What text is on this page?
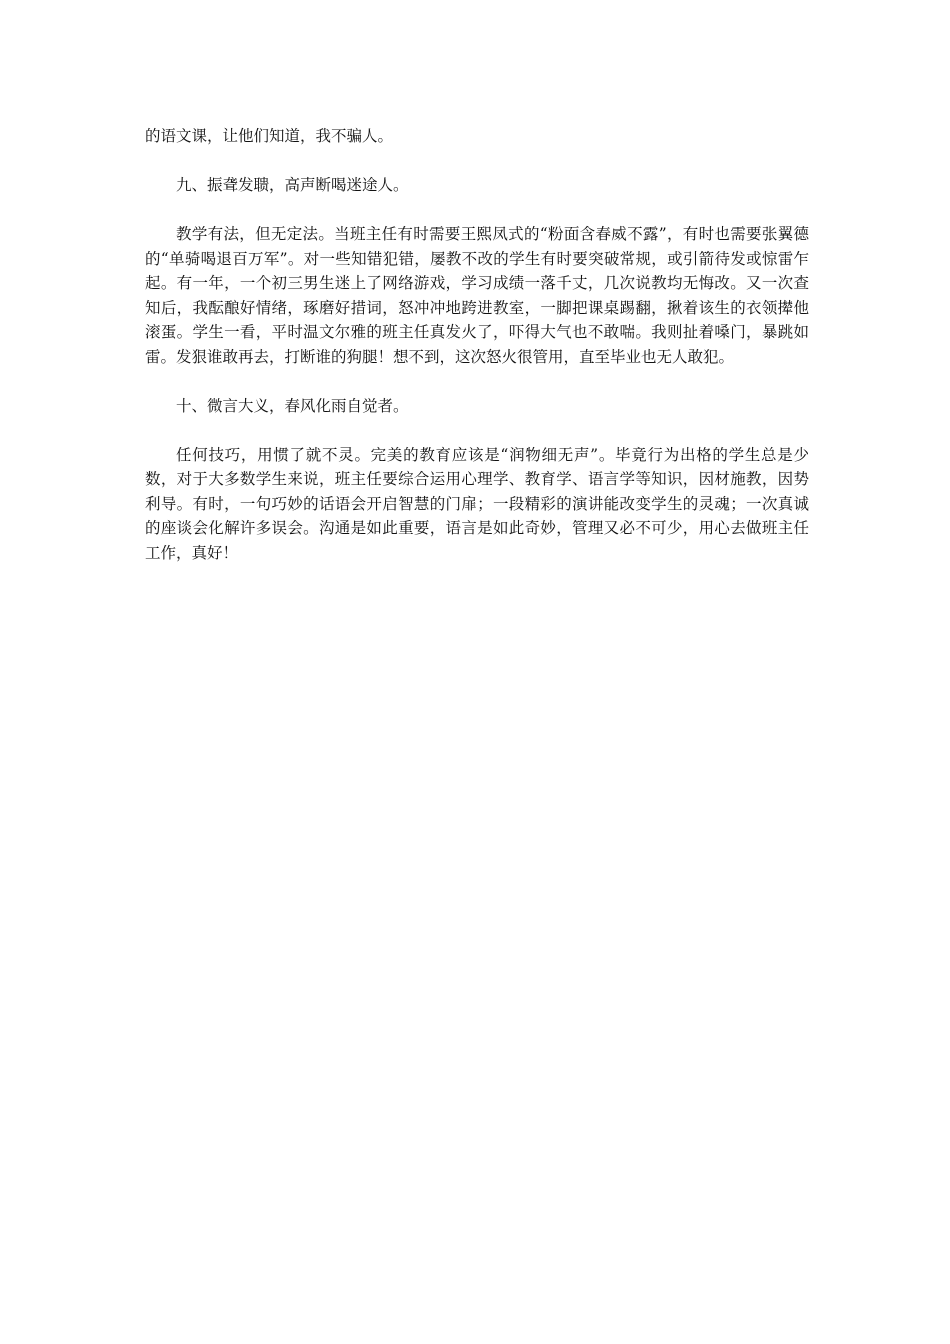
的语文课，让他们知道，我不骗人。

九、振聋发聩，高声断喝迷途人。

教学有法，但无定法。当班主任有时需要王熙凤式的“粉面含春威不露”，有时也需要张翼德的“单骑喝退百万军”。对一些知错犯错，屡教不改的学生有时要突破常规，或引箭待发或惊雷乍起。有一年，一个初三男生迷上了网络游戏，学习成绩一落千丈，几次说教均无悔改。又一次查知后，我酝酿好情绪，琢磨好措词，怒冲冲地跨进教室，一脚把课桌踢翻，揪着该生的衣领撵他滚蛋。学生一看，平时温文尔雅的班主任真发火了，吓得大气也不敢喘。我则扯着嗓门，暴跳如雷。发狠谁敢再去，打断谁的狗腿！想不到，这次怒火很管用，直至毕业也无人敢犯。

十、微言大义，春风化雨自觉者。

任何技巧，用惯了就不灵。完美的教育应该是“润物细无声”。毕竟行为出格的学生总是少数，对于大多数学生来说，班主任要综合运用心理学、教育学、语言学等知识，因材施教，因势利导。有时，一句巧妙的话语会开启智慧的门扉；一段精彩的演讲能改变学生的灵魂；一次真诚的座谈会化解许多误会。沟通是如此重要，语言是如此奇妙，管理又必不可少，用心去做班主任工作，真好！
